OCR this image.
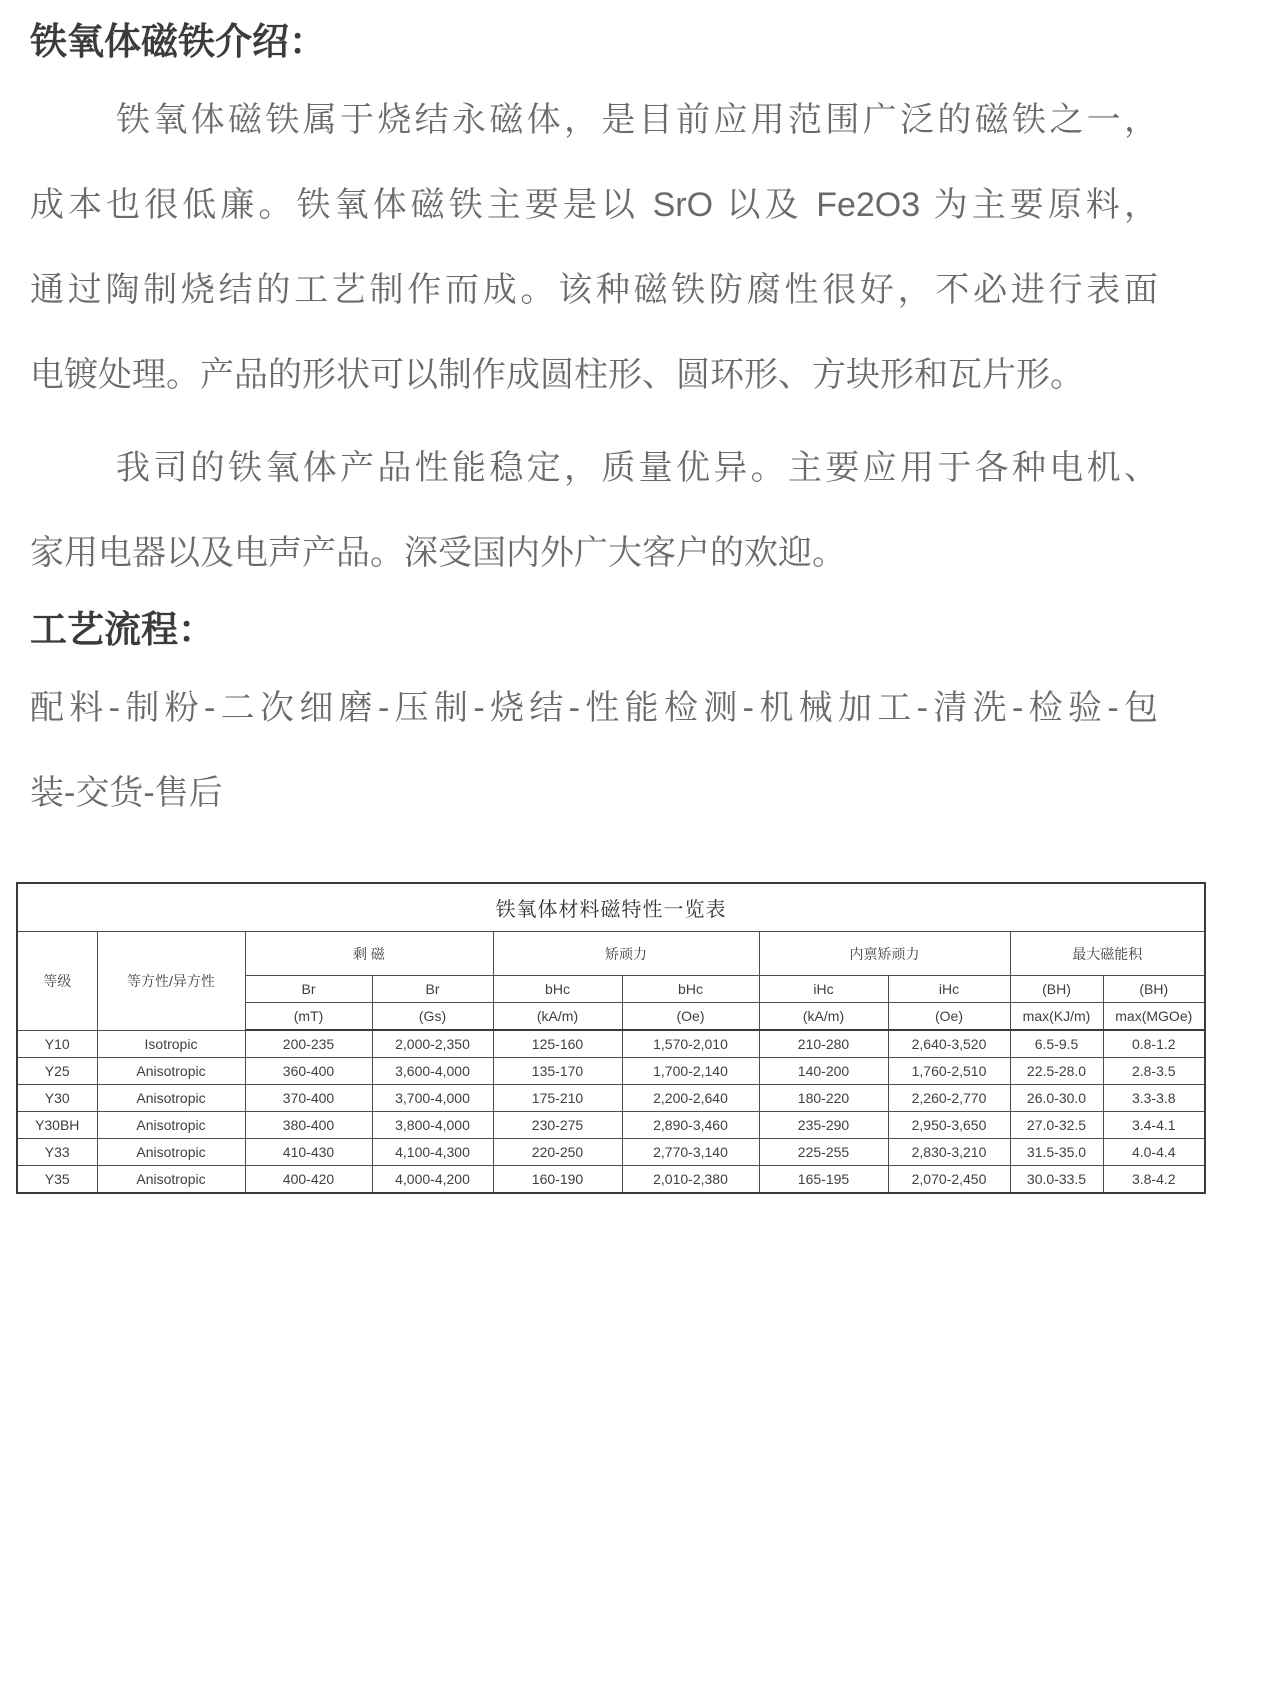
铁氧体磁铁介绍：
铁氧体磁铁属于烧结永磁体，是目前应用范围广泛的磁铁之一，
成本也很低廉。铁氧体磁铁主要是以 SrO 以及 Fe2O3 为主要原料，
通过陶制烧结的工艺制作而成。该种磁铁防腐性很好，不必进行表面
电镀处理。产品的形状可以制作成圆柱形、圆环形、方块形和瓦片形。
我司的铁氧体产品性能稳定，质量优异。主要应用于各种电机、
家用电器以及电声产品。深受国内外广大客户的欢迎。
工艺流程：
配料-制粉-二次细磨-压制-烧结-性能检测-机械加工-清洗-检验-包
装-交货-售后
铁氧体材料磁特性一览表									
等级	等方性/异方性	剩 磁		矫顽力		内禀矫顽力		最大磁能积	
		Br	Br	bHc	bHc	iHc	iHc	(BH)	(BH)
		(mT)	(Gs)	(kA/m)	(Oe)	(kA/m)	(Oe)	max(KJ/m)	max(MGOe)
Y10	Isotropic	200-235	2,000-2,350	125-160	1,570-2,010	210-280	2,640-3,520	6.5-9.5	0.8-1.2
Y25	Anisotropic	360-400	3,600-4,000	135-170	1,700-2,140	140-200	1,760-2,510	22.5-28.0	2.8-3.5
Y30	Anisotropic	370-400	3,700-4,000	175-210	2,200-2,640	180-220	2,260-2,770	26.0-30.0	3.3-3.8
Y30BH	Anisotropic	380-400	3,800-4,000	230-275	2,890-3,460	235-290	2,950-3,650	27.0-32.5	3.4-4.1
Y33	Anisotropic	410-430	4,100-4,300	220-250	2,770-3,140	225-255	2,830-3,210	31.5-35.0	4.0-4.4
Y35	Anisotropic	400-420	4,000-4,200	160-190	2,010-2,380	165-195	2,070-2,450	30.0-33.5	3.8-4.2
